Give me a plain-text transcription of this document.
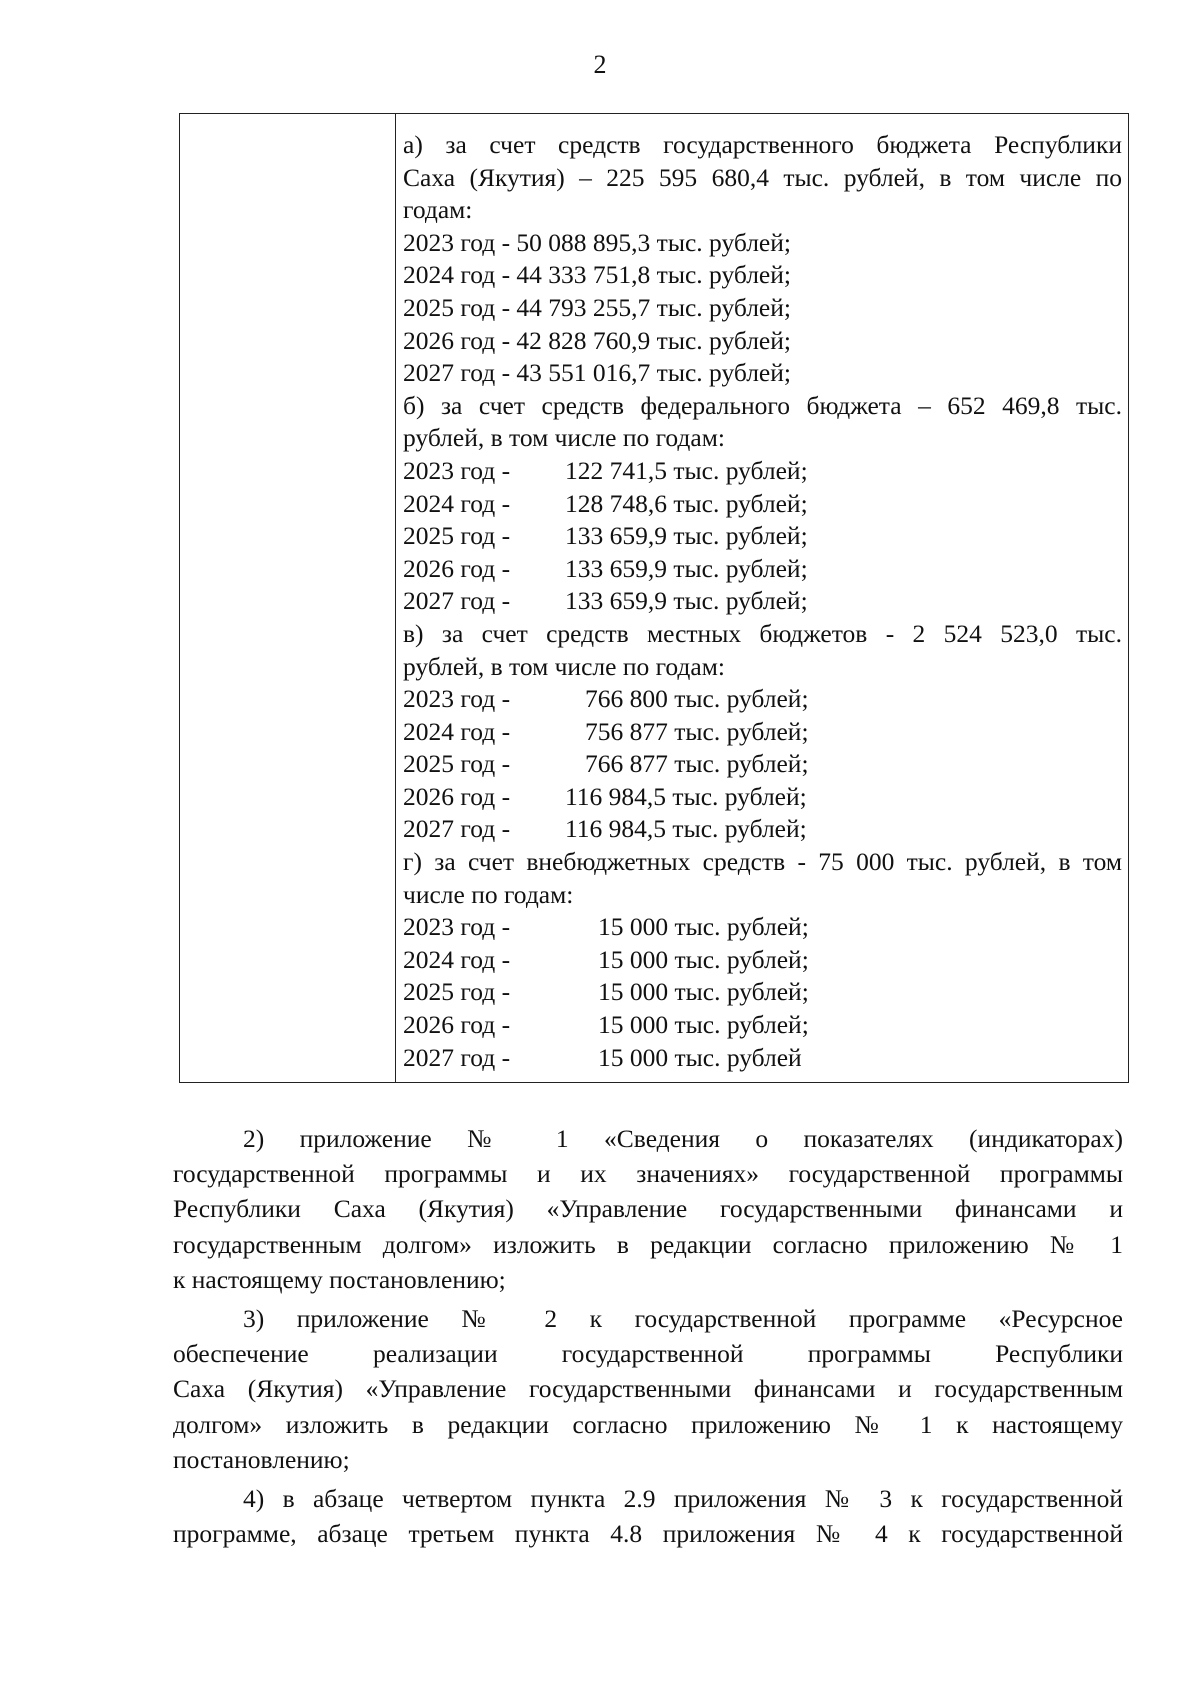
2
а) за счет средств государственного бюджета Республики
Саха (Якутия) – 225 595 680,4 тыс. рублей, в том числе по
годам:
2023 год - 50 088 895,3 тыс. рублей;
2024 год - 44 333 751,8 тыс. рублей;
2025 год - 44 793 255,7 тыс. рублей;
2026 год - 42 828 760,9 тыс. рублей;
2027 год - 43 551 016,7 тыс. рублей;
б) за счет средств федерального бюджета – 652 469,8 тыс.
рублей, в том числе по годам:
2023 год - 122 741,5 тыс. рублей;
2024 год - 128 748,6 тыс. рублей;
2025 год - 133 659,9 тыс. рублей;
2026 год - 133 659,9 тыс. рублей;
2027 год - 133 659,9 тыс. рублей;
в) за счет средств местных бюджетов - 2 524 523,0 тыс.
рублей, в том числе по годам:
2023 год -	766 800 тыс. рублей;
2024 год -	756 877 тыс. рублей;
2025 год -	766 877 тыс. рублей;
2026 год - 116 984,5 тыс. рублей;
2027 год - 116 984,5 тыс. рублей;
г) за счет внебюджетных средств - 75 000 тыс. рублей, в том
числе по годам:
2023 год -	15 000 тыс. рублей;
2024 год -	15 000 тыс. рублей;
2025 год -	15 000 тыс. рублей;
2026 год -	15 000 тыс. рублей;
2027 год -	15 000 тыс. рублей
2) приложение № 1 «Сведения о показателях (индикаторах)
государственной программы и их значениях» государственной программы
Республики Саха (Якутия) «Управление государственными финансами и
государственным долгом» изложить в редакции согласно приложению № 1
к настоящему постановлению;
3) приложение № 2 к государственной программе «Ресурсное
обеспечение реализации государственной программы Республики
Саха (Якутия) «Управление государственными финансами и государственным
долгом» изложить в редакции согласно приложению № 1 к настоящему
постановлению;
4) в абзаце четвертом пункта 2.9 приложения № 3 к государственной
программе, абзаце третьем пункта 4.8 приложения № 4 к государственной
